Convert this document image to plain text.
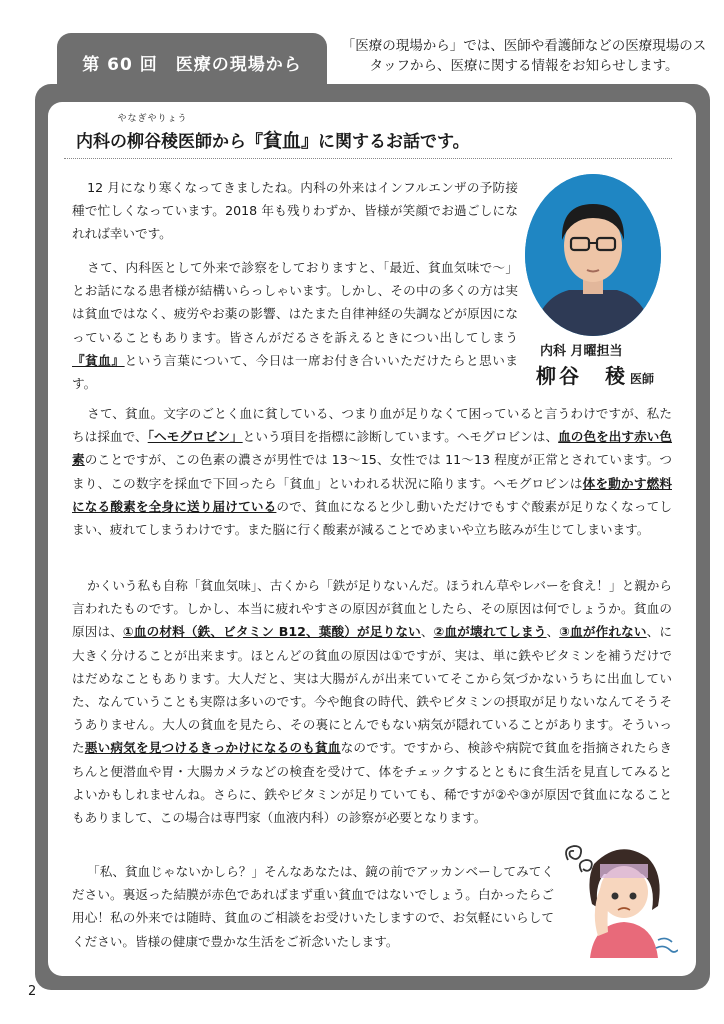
第 60 回　医療の現場から
「医療の現場から」では、医師や看護師などの医療現場のスタッフから、医療に関する情報をお知らせします。
内科の
やなぎやりょう
柳谷稜医師から『貧血』に関するお話です。
内科 月曜担当
柳谷　稜 医師

12 月になり寒くなってきましたね。内科の外来はインフルエンザの予防接種で忙しくなっています。2018 年も残りわずか、皆様が笑顔でお過ごしになれれば幸いです。

さて、内科医として外来で診察をしておりますと、「最近、貧血気味で～」とお話になる患者様が結構いらっしゃいます。しかし、その中の多くの方は実は貧血ではなく、疲労やお薬の影響、はたまた自律神経の失調などが原因になっていることもあります。皆さんがだるさを訴えるときについ出してしまう『貧血』という言葉について、今日は一席お付き合いいただけたらと思います。

さて、貧血。文字のごとく血に貧している、つまり血が足りなくて困っていると言うわけですが、私たちは採血で、「ヘモグロビン」という項目を指標に診断しています。ヘモグロビンは、血の色を出す赤い色素のことですが、この色素の濃さが男性では 13～15、女性では 11～13 程度が正常とされています。つまり、この数字を採血で下回ったら「貧血」といわれる状況に陥ります。ヘモグロビンは体を動かす燃料になる酸素を全身に送り届けているので、貧血になると少し動いただけでもすぐ酸素が足りなくなってしまい、疲れてしまうわけです。また脳に行く酸素が減ることでめまいや立ち眩みが生じてしまいます。

かくいう私も自称「貧血気味」、古くから「鉄が足りないんだ。ほうれん草やレバーを食え！」と親から言われたものです。しかし、本当に疲れやすさの原因が貧血としたら、その原因は何でしょうか。貧血の原因は、①血の材料（鉄、ビタミン B12、葉酸）が足りない、②血が壊れてしまう、③血が作れない、に大きく分けることが出来ます。ほとんどの貧血の原因は①ですが、実は、単に鉄やビタミンを補うだけではだめなこともあります。大人だと、実は大腸がんが出来ていてそこから気づかないうちに出血していた、なんていうことも実際は多いのです。今や飽食の時代、鉄やビタミンの摂取が足りないなんてそうそうありません。大人の貧血を見たら、その裏にとんでもない病気が隠れていることがあります。そういった悪い病気を見つけるきっかけになるのも貧血なのです。ですから、検診や病院で貧血を指摘されたらきちんと便潜血や胃・大腸カメラなどの検査を受けて、体をチェックするとともに食生活を見直してみるとよいかもしれませんね。さらに、鉄やビタミンが足りていても、稀ですが②や③が原因で貧血になることもありまして、この場合は専門家（血液内科）の診察が必要となります。

「私、貧血じゃないかしら？」そんなあなたは、鏡の前でアッカンベーしてみてください。裏返った結膜が赤色であればまず重い貧血ではないでしょう。白かったらご用心！私の外来では随時、貧血のご相談をお受けいたしますので、お気軽にいらしてください。皆様の健康で豊かな生活をご祈念いたします。

2
